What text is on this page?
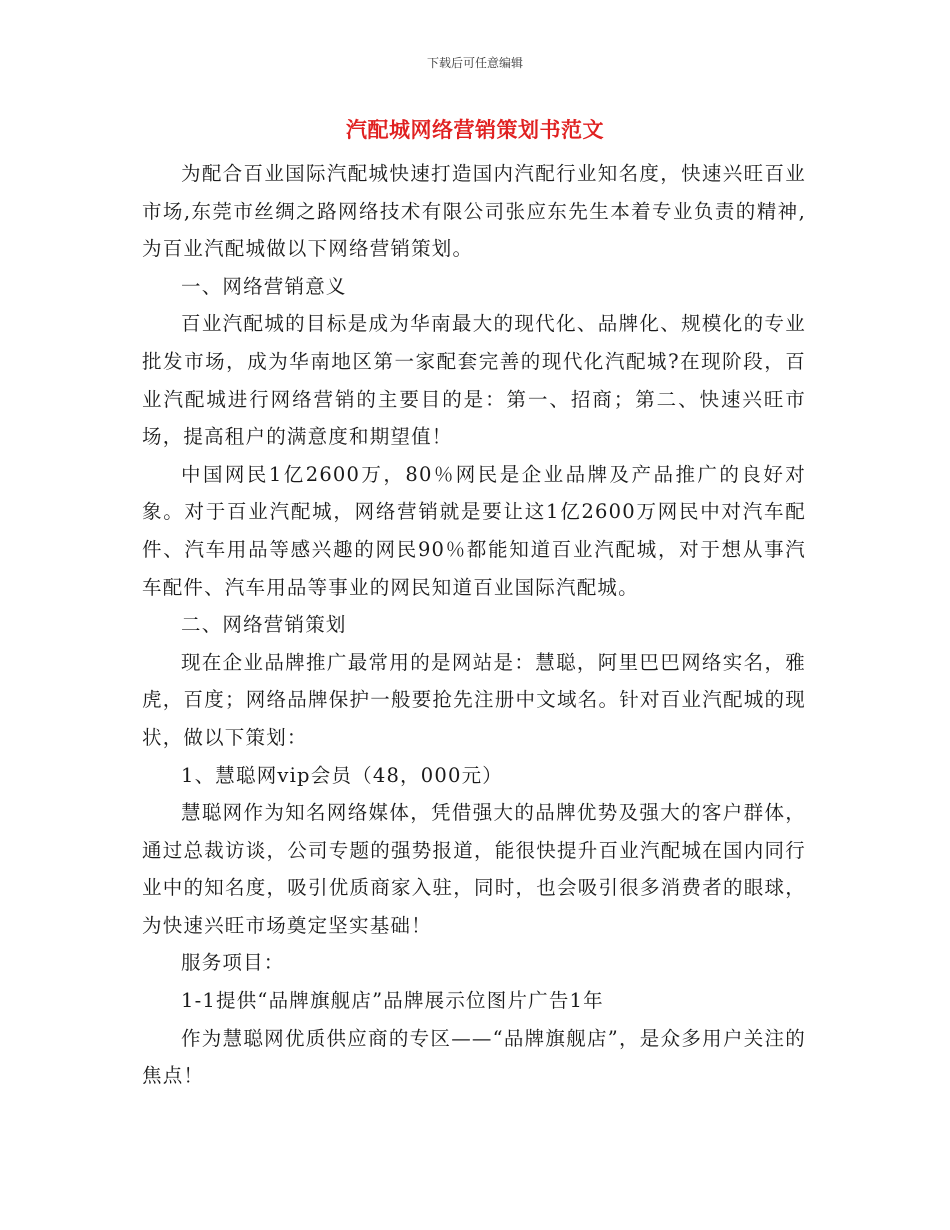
下载后可任意编辑
汽配城网络营销策划书范文

为配合百业国际汽配城快速打造国内汽配行业知名度，快速兴旺百业市场,东莞市丝绸之路网络技术有限公司张应东先生本着专业负责的精神,为百业汽配城做以下网络营销策划。

一、网络营销意义

百业汽配城的目标是成为华南最大的现代化、品牌化、规模化的专业批发市场，成为华南地区第一家配套完善的现代化汽配城?在现阶段，百业汽配城进行网络营销的主要目的是：第一、招商；第二、快速兴旺市场，提高租户的满意度和期望值！

中国网民1亿2600万，80％网民是企业品牌及产品推广的良好对象。对于百业汽配城，网络营销就是要让这1亿2600万网民中对汽车配件、汽车用品等感兴趣的网民90％都能知道百业汽配城，对于想从事汽车配件、汽车用品等事业的网民知道百业国际汽配城。

二、网络营销策划

现在企业品牌推广最常用的是网站是：慧聪，阿里巴巴网络实名，雅虎，百度；网络品牌保护一般要抢先注册中文域名。针对百业汽配城的现状，做以下策划：

1、慧聪网vip会员（48，000元）

慧聪网作为知名网络媒体，凭借强大的品牌优势及强大的客户群体，通过总裁访谈，公司专题的强势报道，能很快提升百业汽配城在国内同行业中的知名度，吸引优质商家入驻，同时，也会吸引很多消费者的眼球，为快速兴旺市场奠定坚实基础！

服务项目：

1-1提供“品牌旗舰店”品牌展示位图片广告1年

作为慧聪网优质供应商的专区——“品牌旗舰店”，是众多用户关注的焦点！
